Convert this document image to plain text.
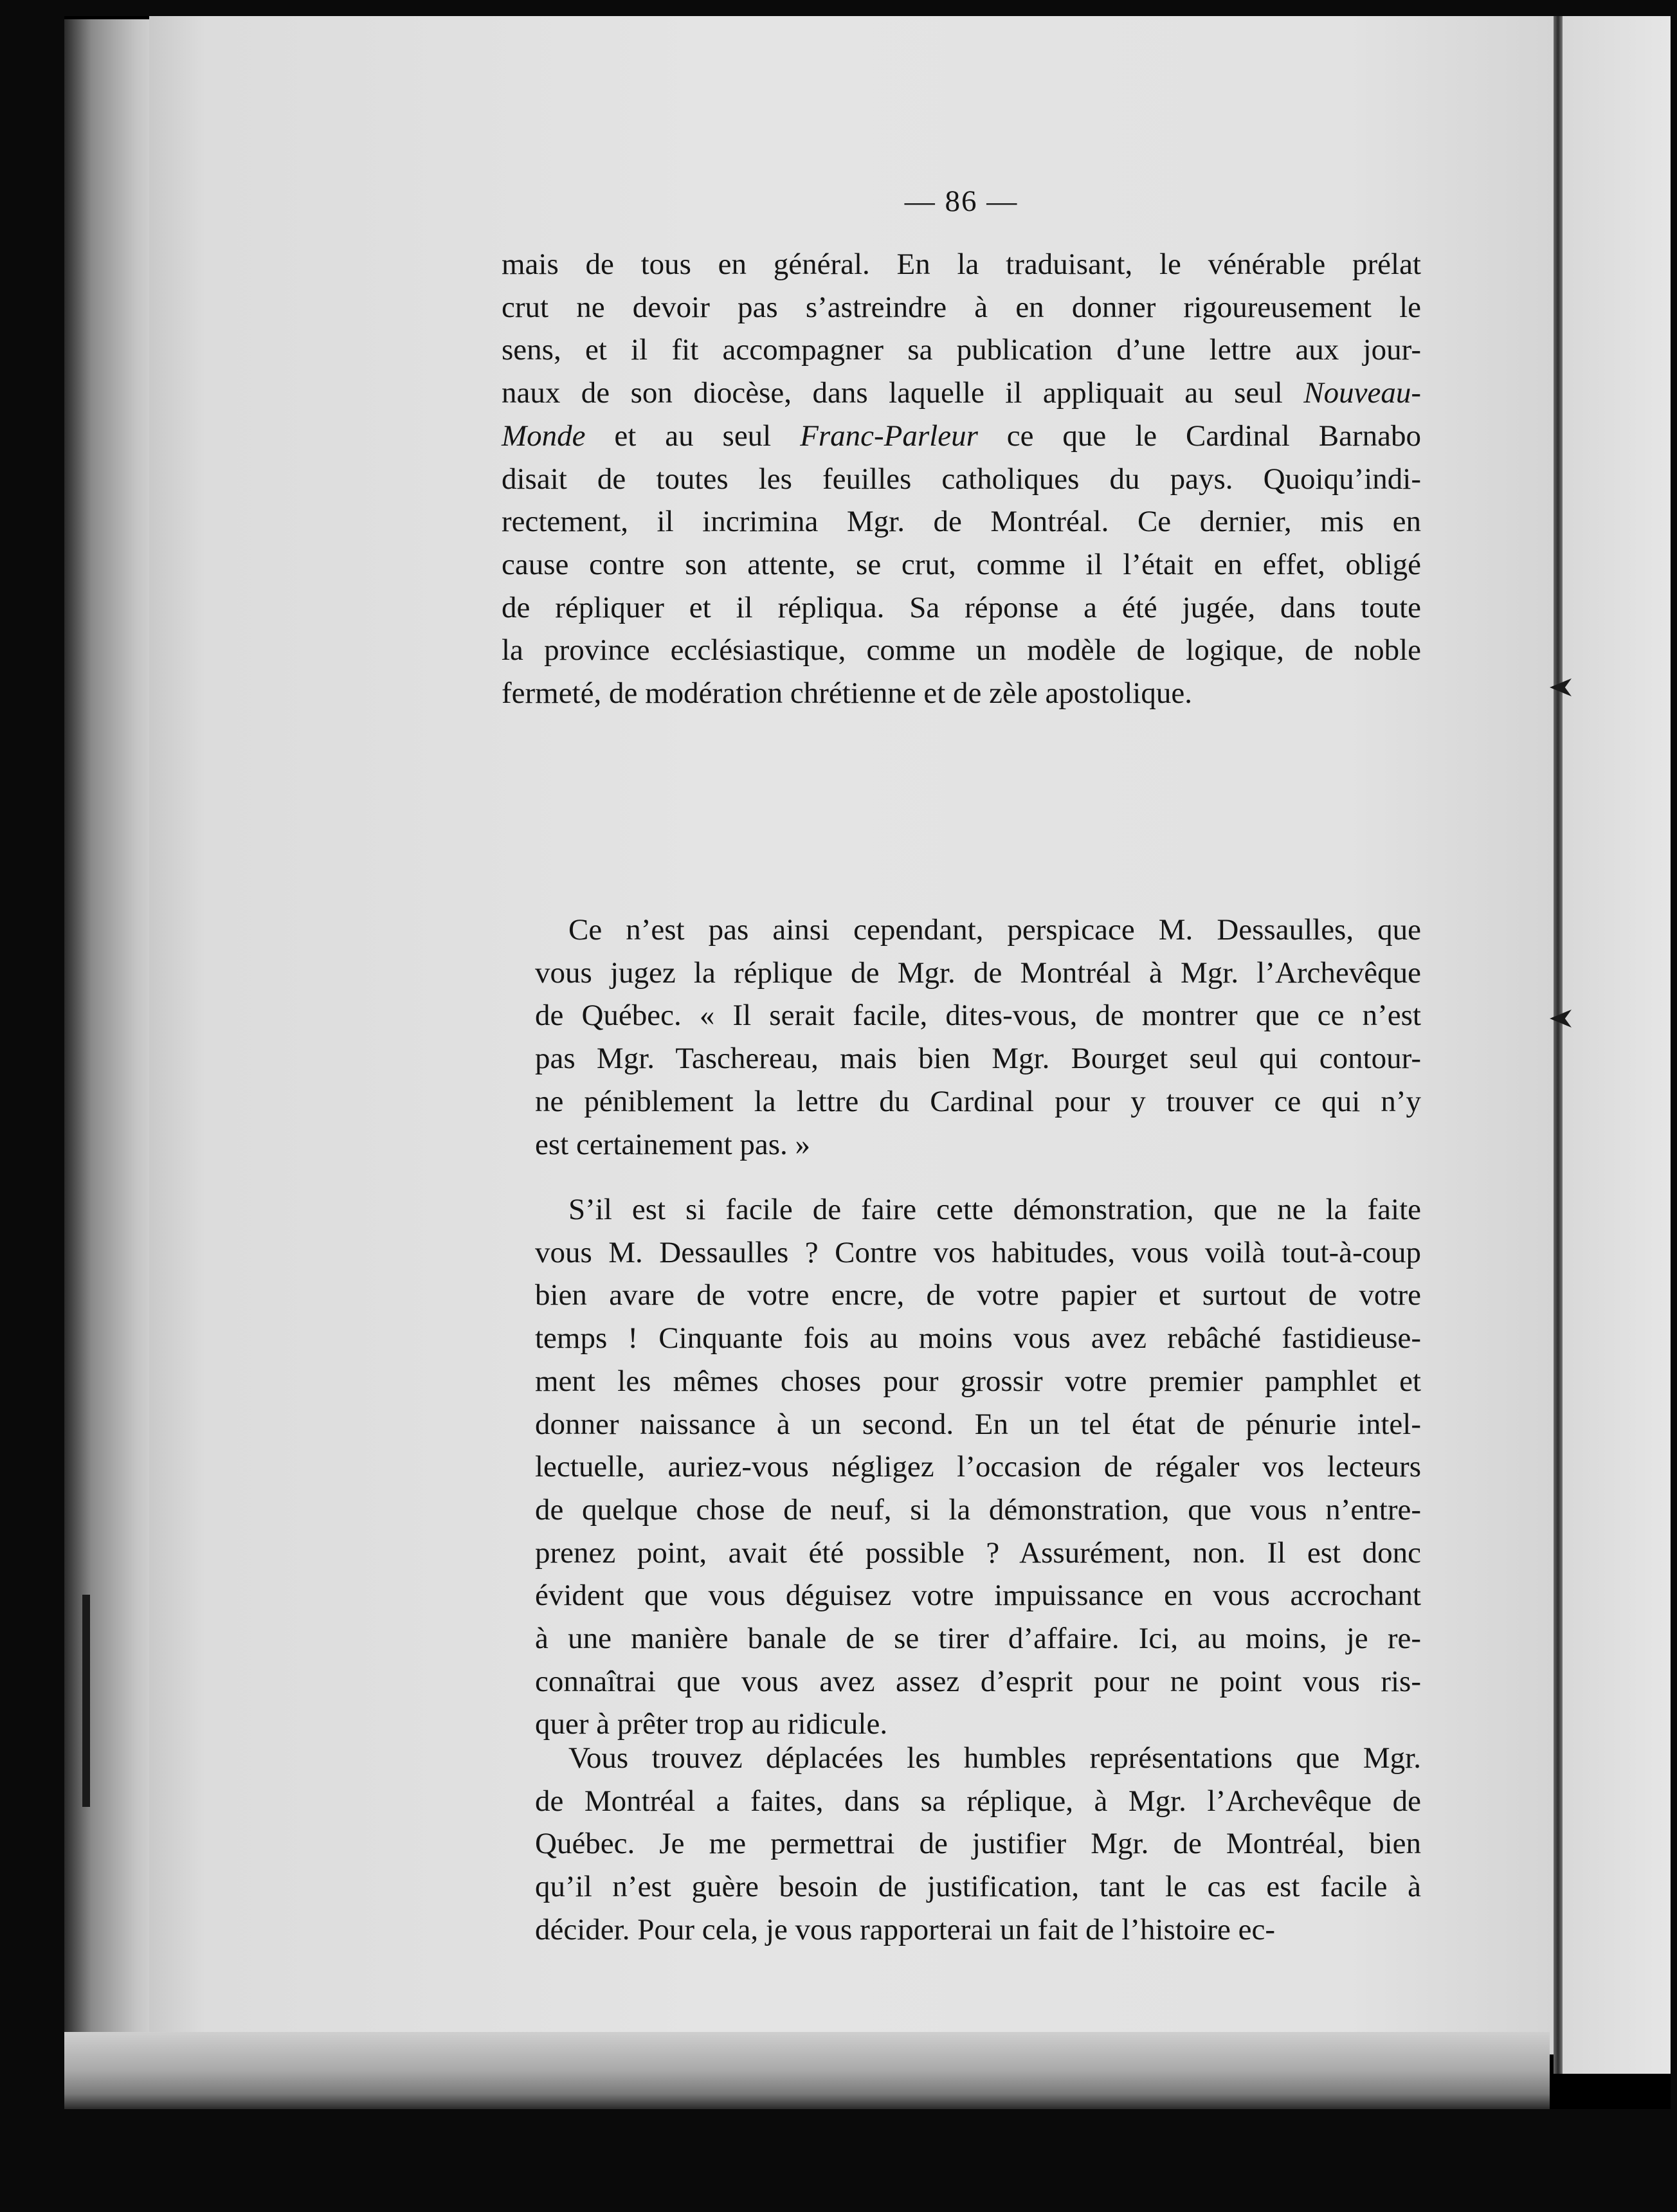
— 86 —
mais de tous en général. En la traduisant, le vénérable prélat
crut ne devoir pas s’astreindre à en donner rigoureusement le
sens, et il fit accompagner sa publication d’une lettre aux jour-
naux de son diocèse, dans laquelle il appliquait au seul Nouveau-
Monde et au seul Franc-Parleur ce que le Cardinal Barnabo
disait de toutes les feuilles catholiques du pays. Quoiqu’indi-
rectement, il incrimina Mgr. de Montréal. Ce dernier, mis en
cause contre son attente, se crut, comme il l’était en effet, obligé
de répliquer et il répliqua. Sa réponse a été jugée, dans toute
la province ecclésiastique, comme un modèle de logique, de noble
fermeté, de modération chrétienne et de zèle apostolique.
Ce n’est pas ainsi cependant, perspicace M. Dessaulles, que
vous jugez la réplique de Mgr. de Montréal à Mgr. l’Archevêque
de Québec. « Il serait facile, dites-vous, de montrer que ce n’est
pas Mgr. Taschereau, mais bien Mgr. Bourget seul qui contour-
ne péniblement la lettre du Cardinal pour y trouver ce qui n’y
est certainement pas. »
S’il est si facile de faire cette démonstration, que ne la faite
vous M. Dessaulles ? Contre vos habitudes, vous voilà tout-à-coup
bien avare de votre encre, de votre papier et surtout de votre
temps ! Cinquante fois au moins vous avez rebâché fastidieuse-
ment les mêmes choses pour grossir votre premier pamphlet et
donner naissance à un second. En un tel état de pénurie intel-
lectuelle, auriez-vous négligez l’occasion de régaler vos lecteurs
de quelque chose de neuf, si la démonstration, que vous n’entre-
prenez point, avait été possible ? Assurément, non. Il est donc
évident que vous déguisez votre impuissance en vous accrochant
à une manière banale de se tirer d’affaire. Ici, au moins, je re-
connaîtrai que vous avez assez d’esprit pour ne point vous ris-
quer à prêter trop au ridicule.
Vous trouvez déplacées les humbles représentations que Mgr.
de Montréal a faites, dans sa réplique, à Mgr. l’Archevêque de
Québec. Je me permettrai de justifier Mgr. de Montréal, bien
qu’il n’est guère besoin de justification, tant le cas est facile à
décider. Pour cela, je vous rapporterai un fait de l’histoire ec-
